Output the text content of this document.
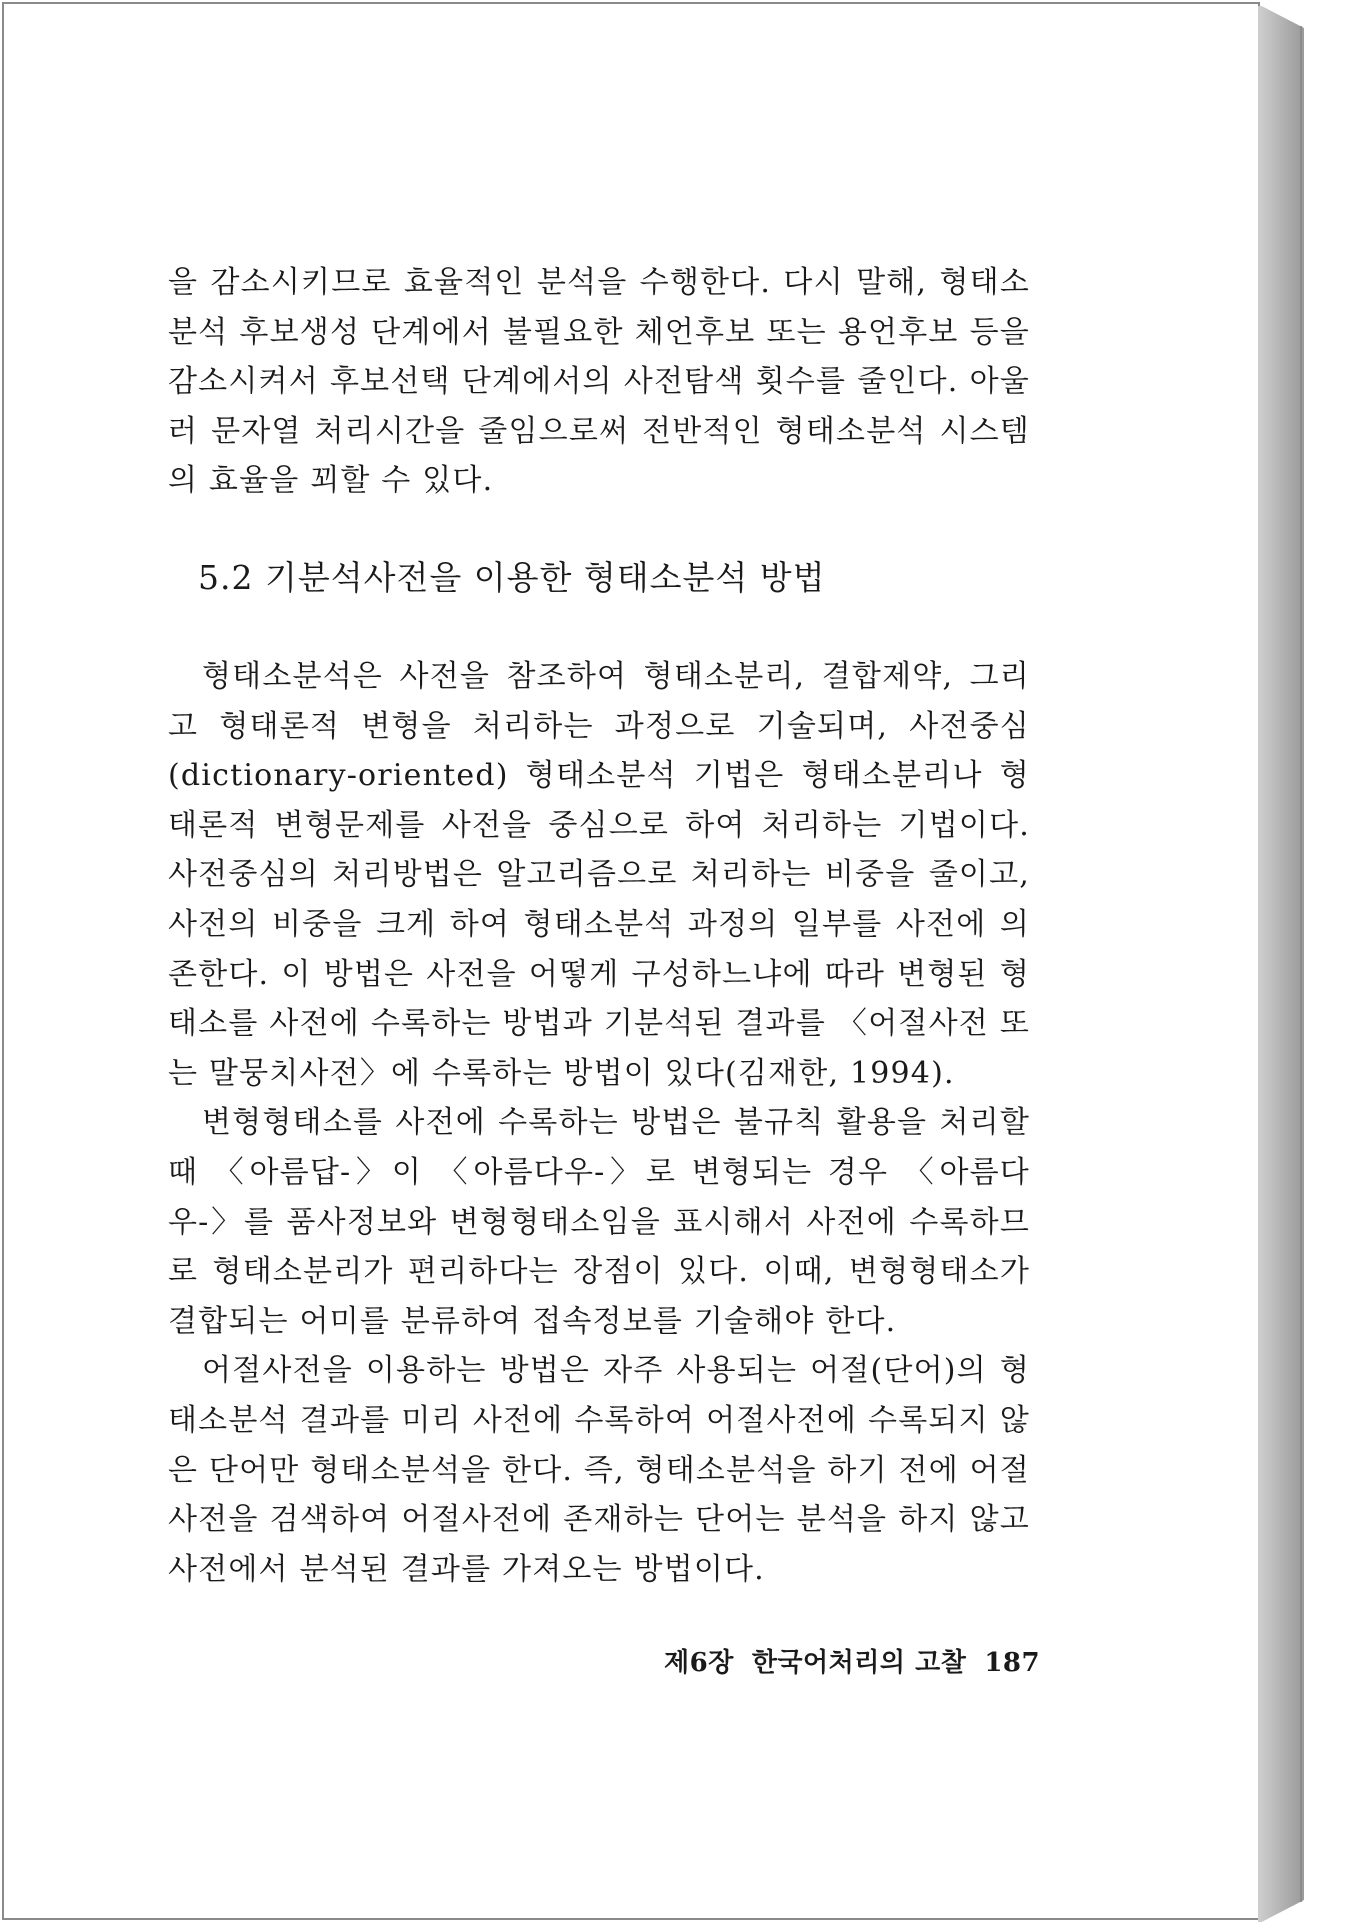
을 감소시키므로 효율적인 분석을 수행한다. 다시 말해, 형태소분석 후보생성 단계에서 불필요한 체언후보 또는 용언후보 등을 감소시켜서 후보선택 단계에서의 사전탐색 횟수를 줄인다. 아울러 문자열 처리시간을 줄임으로써 전반적인 형태소분석 시스템의 효율을 꾀할 수 있다.

5.2 기분석사전을 이용한 형태소분석 방법

형태소분석은 사전을 참조하여 형태소분리, 결합제약, 그리고 형태론적 변형을 처리하는 과정으로 기술되며, 사전중심(dictionary-oriented) 형태소분석 기법은 형태소분리나 형태론적 변형문제를 사전을 중심으로 하여 처리하는 기법이다. 사전중심의 처리방법은 알고리즘으로 처리하는 비중을 줄이고, 사전의 비중을 크게 하여 형태소분석 과정의 일부를 사전에 의존한다. 이 방법은 사전을 어떻게 구성하느냐에 따라 변형된 형태소를 사전에 수록하는 방법과 기분석된 결과를 〈어절사전 또는 말뭉치사전〉에 수록하는 방법이 있다(김재한, 1994).

변형형태소를 사전에 수록하는 방법은 불규칙 활용을 처리할 때 〈아름답-〉이 〈아름다우-〉로 변형되는 경우 〈아름다우-〉를 품사정보와 변형형태소임을 표시해서 사전에 수록하므로 형태소분리가 편리하다는 장점이 있다. 이때, 변형형태소가 결합되는 어미를 분류하여 접속정보를 기술해야 한다.

어절사전을 이용하는 방법은 자주 사용되는 어절(단어)의 형태소분석 결과를 미리 사전에 수록하여 어절사전에 수록되지 않은 단어만 형태소분석을 한다. 즉, 형태소분석을 하기 전에 어절사전을 검색하여 어절사전에 존재하는 단어는 분석을 하지 않고 사전에서 분석된 결과를 가져오는 방법이다.

제6장 한국어처리의 고찰 187
